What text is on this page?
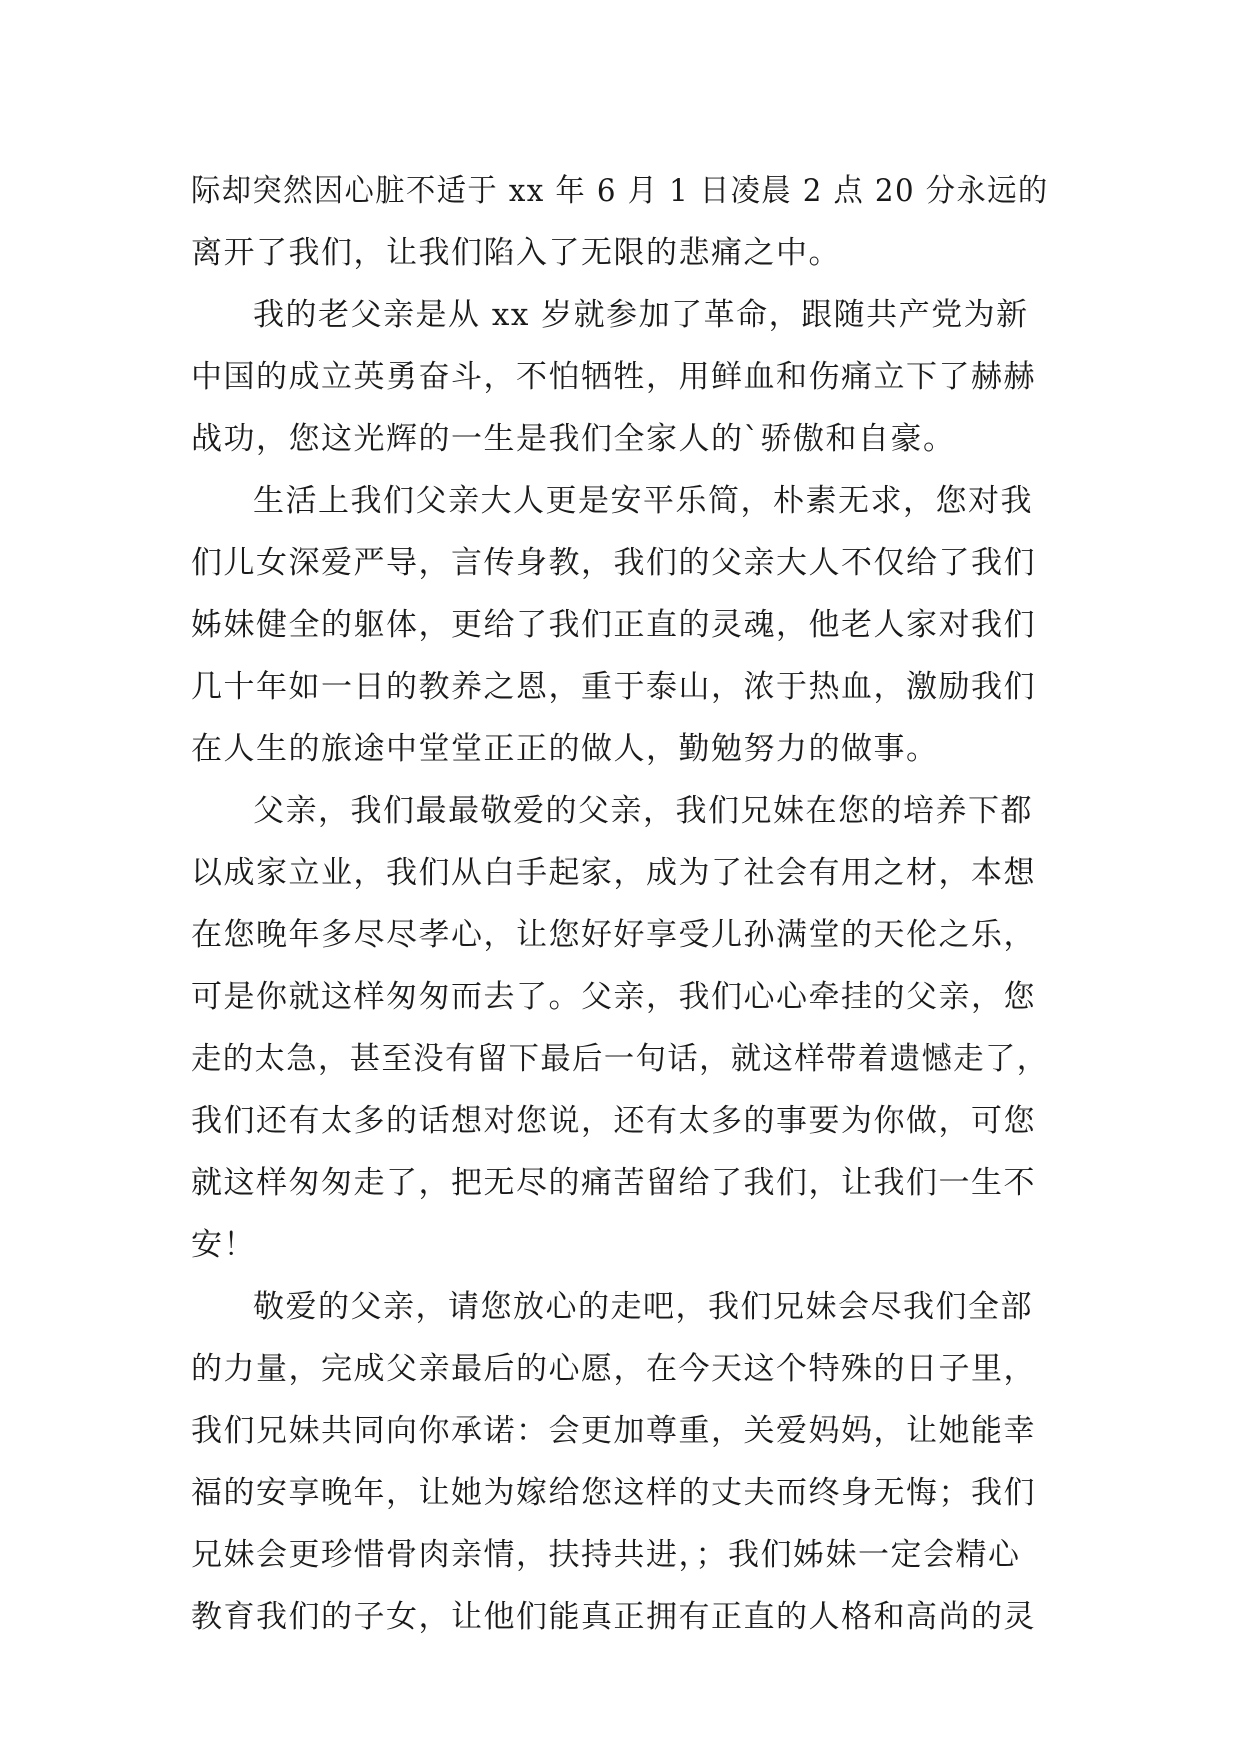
际却突然因心脏不适于 xx 年 6 月 1 日凌晨 2 点 20 分永远的
离开了我们，让我们陷入了无限的悲痛之中。

我的老父亲是从 xx 岁就参加了革命，跟随共产党为新
中国的成立英勇奋斗，不怕牺牲，用鲜血和伤痛立下了赫赫
战功，您这光辉的一生是我们全家人的`骄傲和自豪。

生活上我们父亲大人更是安平乐简，朴素无求，您对我
们儿女深爱严导，言传身教，我们的父亲大人不仅给了我们
姊妹健全的躯体，更给了我们正直的灵魂，他老人家对我们
几十年如一日的教养之恩，重于泰山，浓于热血，激励我们
在人生的旅途中堂堂正正的做人，勤勉努力的做事。

父亲，我们最最敬爱的父亲，我们兄妹在您的培养下都
以成家立业，我们从白手起家，成为了社会有用之材，本想
在您晚年多尽尽孝心，让您好好享受儿孙满堂的天伦之乐，
可是你就这样匆匆而去了。父亲，我们心心牵挂的父亲，您
走的太急，甚至没有留下最后一句话，就这样带着遗憾走了，
我们还有太多的话想对您说，还有太多的事要为你做，可您
就这样匆匆走了，把无尽的痛苦留给了我们，让我们一生不
安！

敬爱的父亲，请您放心的走吧，我们兄妹会尽我们全部
的力量，完成父亲最后的心愿，在今天这个特殊的日子里，
我们兄妹共同向你承诺：会更加尊重，关爱妈妈，让她能幸
福的安享晚年，让她为嫁给您这样的丈夫而终身无悔；我们
兄妹会更珍惜骨肉亲情，扶持共进，；我们姊妹一定会精心
教育我们的子女，让他们能真正拥有正直的人格和高尚的灵
